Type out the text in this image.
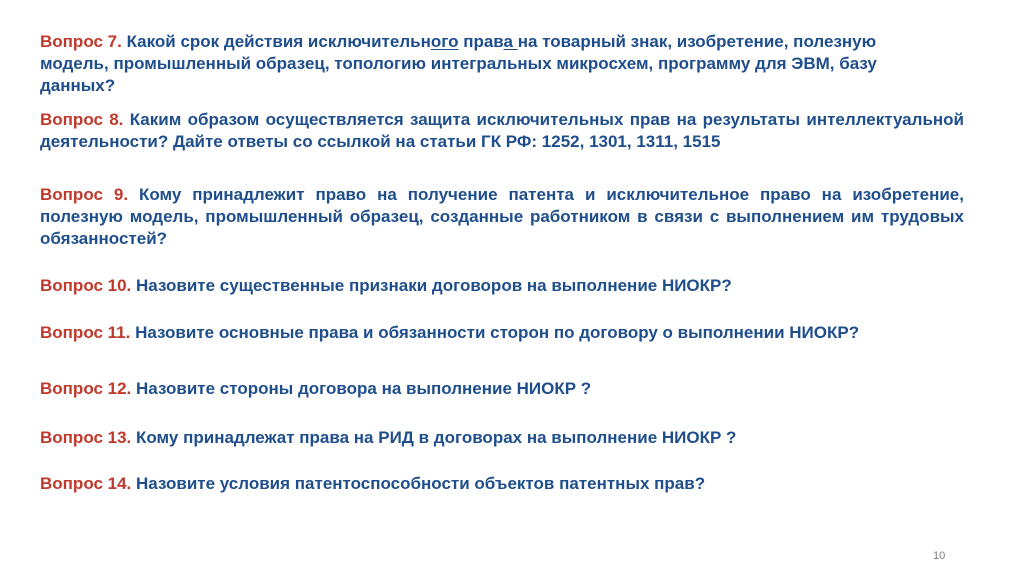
Вопрос 7. Какой срок действия исключительного права на товарный знак, изобретение, полезную
модель, промышленный образец, топологию интегральных микросхем, программу для ЭВМ, базу
данных?

Вопрос 8. Каким образом осуществляется защита исключительных прав на результаты интеллектуальной деятельности? Дайте ответы со ссылкой на статьи ГК РФ: 1252, 1301, 1311, 1515

Вопрос 9. Кому принадлежит право на получение патента и исключительное право на изобретение, полезную модель, промышленный образец, созданные работником в связи с выполнением им трудовых обязанностей?

Вопрос 10. Назовите существенные признаки договоров на выполнение НИОКР?

Вопрос 11. Назовите основные права и обязанности сторон по договору о выполнении НИОКР?

Вопрос 12. Назовите стороны договора на выполнение НИОКР ?

Вопрос 13. Кому принадлежат права на РИД в договорах на выполнение НИОКР ?

Вопрос 14. Назовите условия патентоспособности объектов патентных прав?

10
